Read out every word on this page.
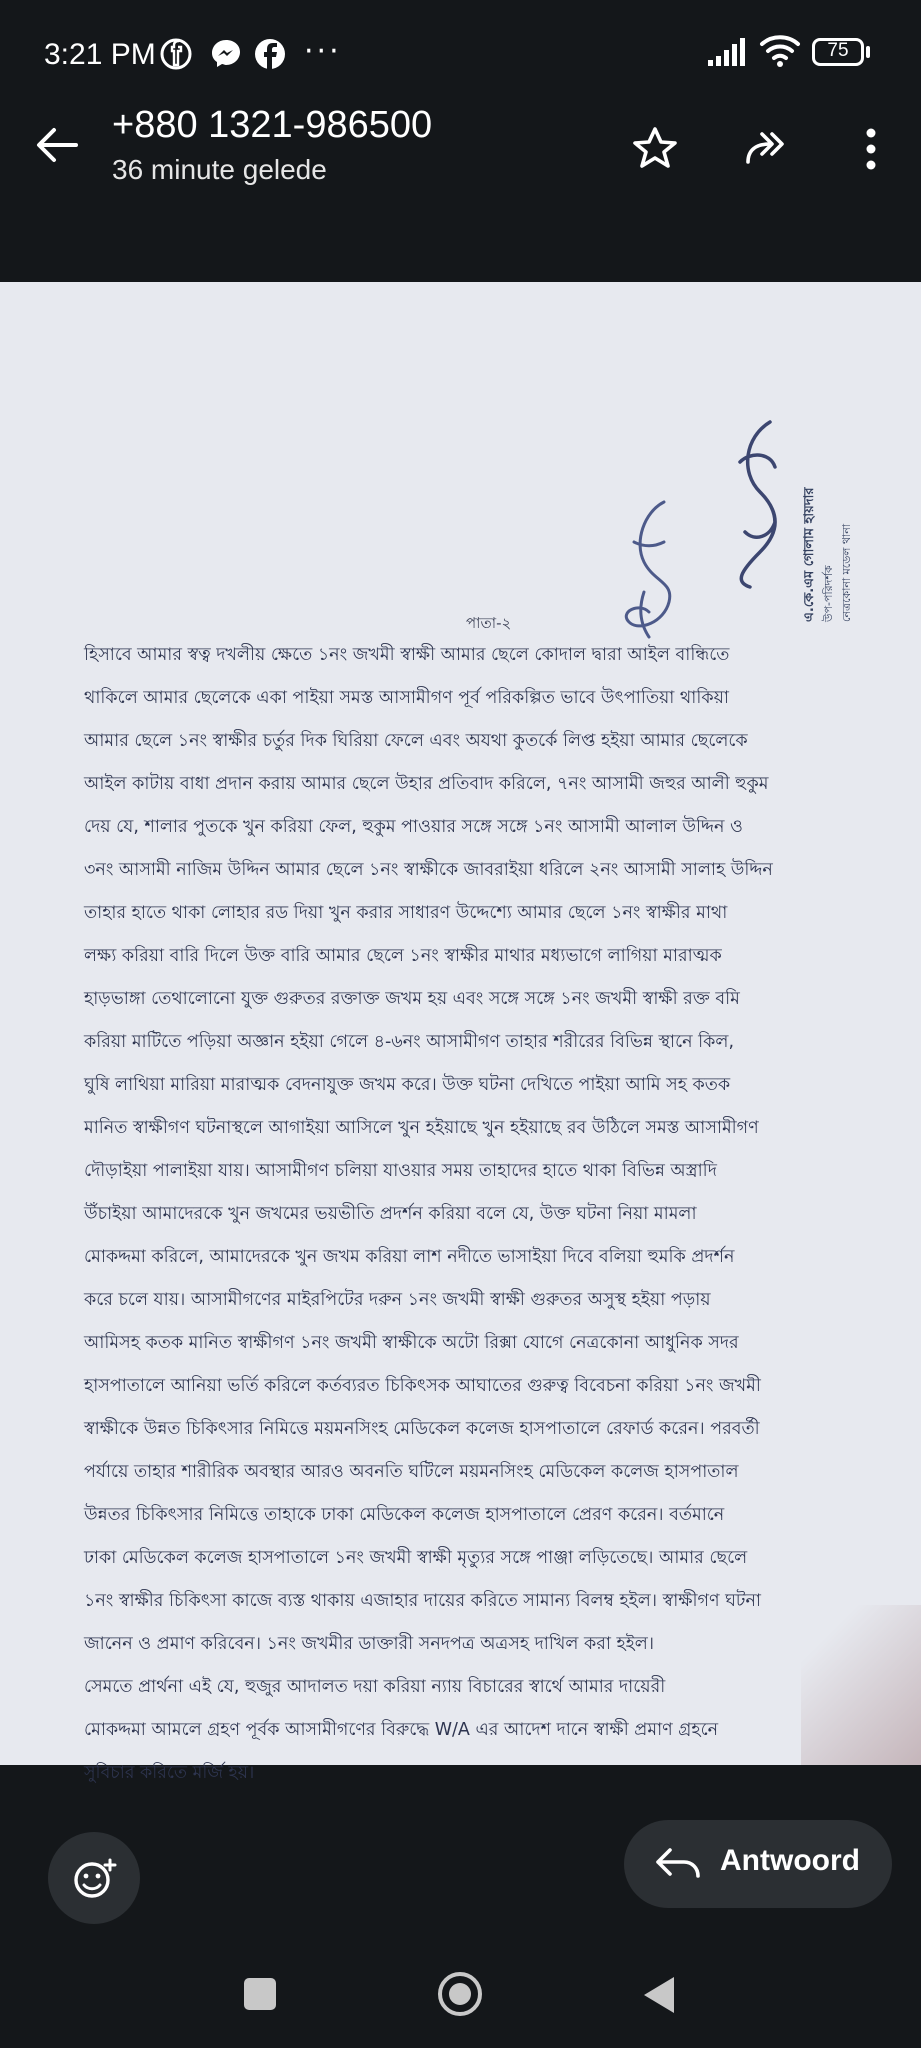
3:21 PM	···	75
+880 1321-986500
36 minute gelede
এ.কে.এম গোলাম হায়দার উপ-পরিদর্শক নেত্রকোনা মডেল থানা
পাতা-২

হিসাবে আমার স্বত্ব দখলীয় ক্ষেতে ১নং জখমী স্বাক্ষী আমার ছেলে কোদাল দ্বারা আইল বান্ধিতে

থাকিলে আমার ছেলেকে একা পাইয়া সমস্ত আসামীগণ পূর্ব পরিকল্পিত ভাবে উৎপাতিয়া থাকিয়া

আমার ছেলে ১নং স্বাক্ষীর চর্তুর দিক ঘিরিয়া ফেলে এবং অযথা কুতর্কে লিপ্ত হইয়া আমার ছেলেকে

আইল কাটায় বাধা প্রদান করায় আমার ছেলে উহার প্রতিবাদ করিলে, ৭নং আসামী জহুর আলী হুকুম

দেয় যে, শালার পুতকে খুন করিয়া ফেল, হুকুম পাওয়ার সঙ্গে সঙ্গে ১নং আসামী আলাল উদ্দিন ও

৩নং আসামী নাজিম উদ্দিন আমার ছেলে ১নং স্বাক্ষীকে জাবরাইয়া ধরিলে ২নং আসামী সালাহ উদ্দিন

তাহার হাতে থাকা লোহার রড দিয়া খুন করার সাধারণ উদ্দেশ্যে আমার ছেলে ১নং স্বাক্ষীর মাথা

লক্ষ্য করিয়া বারি দিলে উক্ত বারি আমার ছেলে ১নং স্বাক্ষীর মাথার মধ্যভাগে লাগিয়া মারাত্মক

হাড়ভাঙ্গা তেথালোনো যুক্ত গুরুতর রক্তাক্ত জখম হয় এবং সঙ্গে সঙ্গে ১নং জখমী স্বাক্ষী রক্ত বমি

করিয়া মাটিতে পড়িয়া অজ্ঞান হইয়া গেলে ৪-৬নং আসামীগণ তাহার শরীরের বিভিন্ন স্থানে কিল,

ঘুষি লাথিয়া মারিয়া মারাত্মক বেদনাযুক্ত জখম করে। উক্ত ঘটনা দেখিতে পাইয়া আমি সহ কতক

মানিত স্বাক্ষীগণ ঘটনাস্থলে আগাইয়া আসিলে খুন হইয়াছে খুন হইয়াছে রব উঠিলে সমস্ত আসামীগণ

দৌড়াইয়া পালাইয়া যায়। আসামীগণ চলিয়া যাওয়ার সময় তাহাদের হাতে থাকা বিভিন্ন অস্ত্রাদি

উঁচাইয়া আমাদেরকে খুন জখমের ভয়ভীতি প্রদর্শন করিয়া বলে যে, উক্ত ঘটনা নিয়া মামলা

মোকদ্দমা করিলে, আমাদেরকে খুন জখম করিয়া লাশ নদীতে ভাসাইয়া দিবে বলিয়া হুমকি প্রদর্শন

করে চলে যায়। আসামীগণের মাইরপিটের দরুন ১নং জখমী স্বাক্ষী গুরুতর অসুস্থ হইয়া পড়ায়

আমিসহ কতক মানিত স্বাক্ষীগণ ১নং জখমী স্বাক্ষীকে অটো রিক্সা যোগে নেত্রকোনা আধুনিক সদর

হাসপাতালে আনিয়া ভর্তি করিলে কর্তব্যরত চিকিৎসক আঘাতের গুরুত্ব বিবেচনা করিয়া ১নং জখমী

স্বাক্ষীকে উন্নত চিকিৎসার নিমিত্তে ময়মনসিংহ মেডিকেল কলেজ হাসপাতালে রেফার্ড করেন। পরবর্তী

পর্যায়ে তাহার শারীরিক অবস্থার আরও অবনতি ঘটিলে ময়মনসিংহ মেডিকেল কলেজ হাসপাতাল

উন্নতর চিকিৎসার নিমিত্তে তাহাকে ঢাকা মেডিকেল কলেজ হাসপাতালে প্রেরণ করেন। বর্তমানে

ঢাকা মেডিকেল কলেজ হাসপাতালে ১নং জখমী স্বাক্ষী মৃত্যুর সঙ্গে পাঞ্জা লড়িতেছে। আমার ছেলে

১নং স্বাক্ষীর চিকিৎসা কাজে ব্যস্ত থাকায় এজাহার দায়ের করিতে সামান্য বিলম্ব হইল। স্বাক্ষীগণ ঘটনা

জানেন ও প্রমাণ করিবেন। ১নং জখমীর ডাক্তারী সনদপত্র অত্রসহ দাখিল করা হইল।

সেমতে প্রার্থনা এই যে, হুজুর আদালত দয়া করিয়া ন্যায় বিচারের স্বার্থে আমার দায়েরী

মোকদ্দমা আমলে গ্রহণ পূর্বক আসামীগণের বিরুদ্ধে W/A এর আদেশ দানে স্বাক্ষী প্রমাণ গ্রহনে

সুবিচার করিতে মর্জি হয়।

Antwoord
